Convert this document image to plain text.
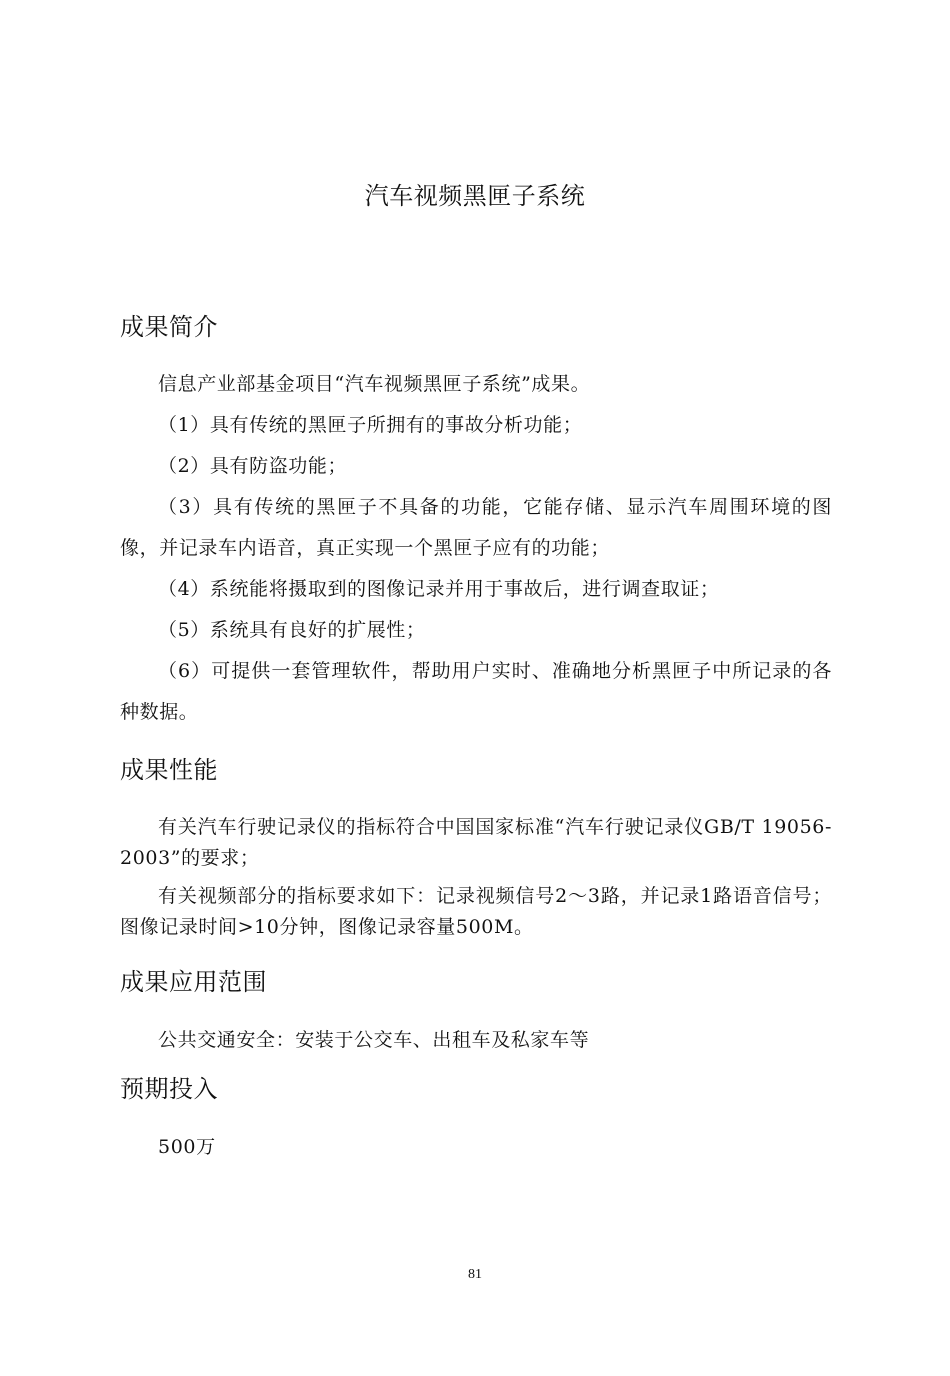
汽车视频黑匣子系统
成果简介

信息产业部基金项目“汽车视频黑匣子系统”成果。

（1）具有传统的黑匣子所拥有的事故分析功能；

（2）具有防盗功能；

（3）具有传统的黑匣子不具备的功能，它能存储、显示汽车周围环境的图像，并记录车内语音，真正实现一个黑匣子应有的功能；

（4）系统能将摄取到的图像记录并用于事故后，进行调查取证；

（5）系统具有良好的扩展性；

（6）可提供一套管理软件，帮助用户实时、准确地分析黑匣子中所记录的各种数据。

成果性能

有关汽车行驶记录仪的指标符合中国国家标准“汽车行驶记录仪GB/T 19056-2003”的要求；

有关视频部分的指标要求如下：记录视频信号2～3路，并记录1路语音信号；图像记录时间>10分钟，图像记录容量500M。

成果应用范围

公共交通安全：安装于公交车、出租车及私家车等

预期投入

500万

81
